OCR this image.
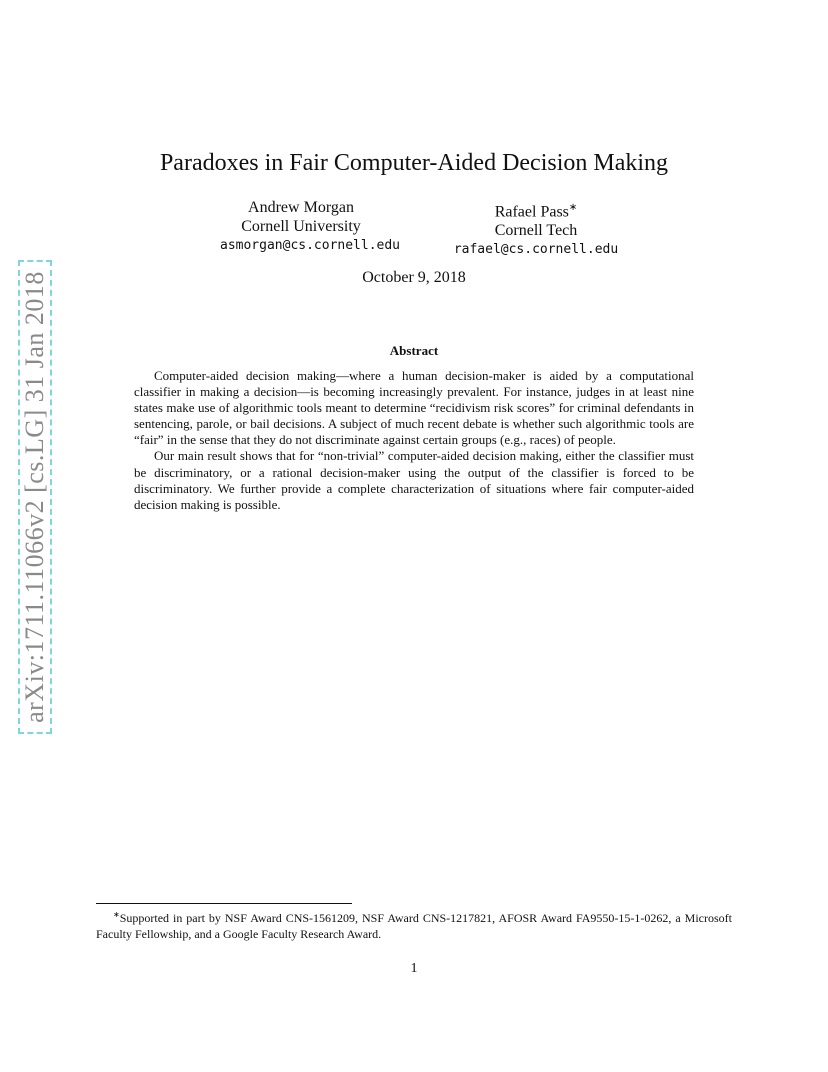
arXiv:1711.11066v2 [cs.LG] 31 Jan 2018
Paradoxes in Fair Computer-Aided Decision Making
Andrew Morgan
Cornell University
asmorgan@cs.cornell.edu
Rafael Pass∗
Cornell Tech
rafael@cs.cornell.edu
October 9, 2018
Abstract

Computer-aided decision making—where a human decision-maker is aided by a computational classifier in making a decision—is becoming increasingly prevalent. For instance, judges in at least nine states make use of algorithmic tools meant to determine “recidivism risk scores” for criminal defendants in sentencing, parole, or bail decisions. A subject of much recent debate is whether such algorithmic tools are “fair” in the sense that they do not discriminate against certain groups (e.g., races) of people.

Our main result shows that for “non-trivial” computer-aided decision making, either the classifier must be discriminatory, or a rational decision-maker using the output of the classifier is forced to be discriminatory. We further provide a complete characterization of situations where fair computer-aided decision making is possible.

∗Supported in part by NSF Award CNS-1561209, NSF Award CNS-1217821, AFOSR Award FA9550-15-1-0262, a Microsoft Faculty Fellowship, and a Google Faculty Research Award.

1
